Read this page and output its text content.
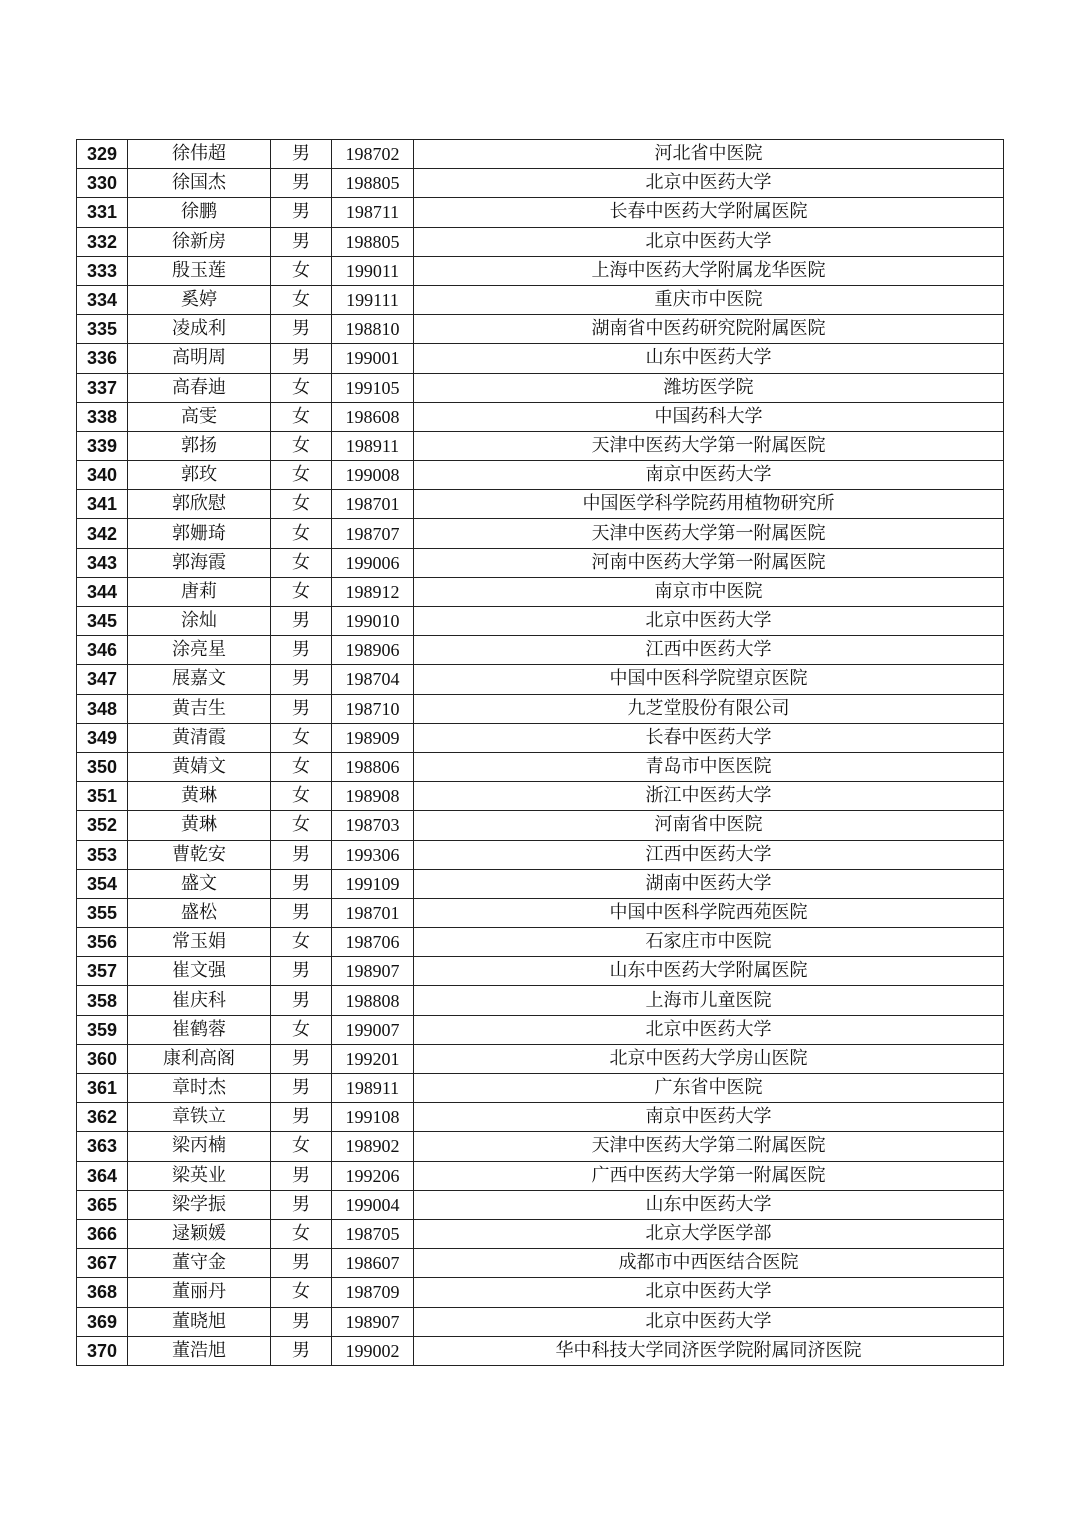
329	徐伟超	男	198702	河北省中医院
330	徐国杰	男	198805	北京中医药大学
331	徐鹏	男	198711	长春中医药大学附属医院
332	徐新房	男	198805	北京中医药大学
333	殷玉莲	女	199011	上海中医药大学附属龙华医院
334	奚婷	女	199111	重庆市中医院
335	凌成利	男	198810	湖南省中医药研究院附属医院
336	高明周	男	199001	山东中医药大学
337	高春迪	女	199105	潍坊医学院
338	高雯	女	198608	中国药科大学
339	郭扬	女	198911	天津中医药大学第一附属医院
340	郭玫	女	199008	南京中医药大学
341	郭欣慰	女	198701	中国医学科学院药用植物研究所
342	郭姗琦	女	198707	天津中医药大学第一附属医院
343	郭海霞	女	199006	河南中医药大学第一附属医院
344	唐莉	女	198912	南京市中医院
345	涂灿	男	199010	北京中医药大学
346	涂亮星	男	198906	江西中医药大学
347	展嘉文	男	198704	中国中医科学院望京医院
348	黄吉生	男	198710	九芝堂股份有限公司
349	黄清霞	女	198909	长春中医药大学
350	黄婧文	女	198806	青岛市中医医院
351	黄琳	女	198908	浙江中医药大学
352	黄琳	女	198703	河南省中医院
353	曹乾安	男	199306	江西中医药大学
354	盛文	男	199109	湖南中医药大学
355	盛松	男	198701	中国中医科学院西苑医院
356	常玉娟	女	198706	石家庄市中医院
357	崔文强	男	198907	山东中医药大学附属医院
358	崔庆科	男	198808	上海市儿童医院
359	崔鹤蓉	女	199007	北京中医药大学
360	康利高阁	男	199201	北京中医药大学房山医院
361	章时杰	男	198911	广东省中医院
362	章铁立	男	199108	南京中医药大学
363	梁丙楠	女	198902	天津中医药大学第二附属医院
364	梁英业	男	199206	广西中医药大学第一附属医院
365	梁学振	男	199004	山东中医药大学
366	逯颖媛	女	198705	北京大学医学部
367	董守金	男	198607	成都市中西医结合医院
368	董丽丹	女	198709	北京中医药大学
369	董晓旭	男	198907	北京中医药大学
370	董浩旭	男	199002	华中科技大学同济医学院附属同济医院
